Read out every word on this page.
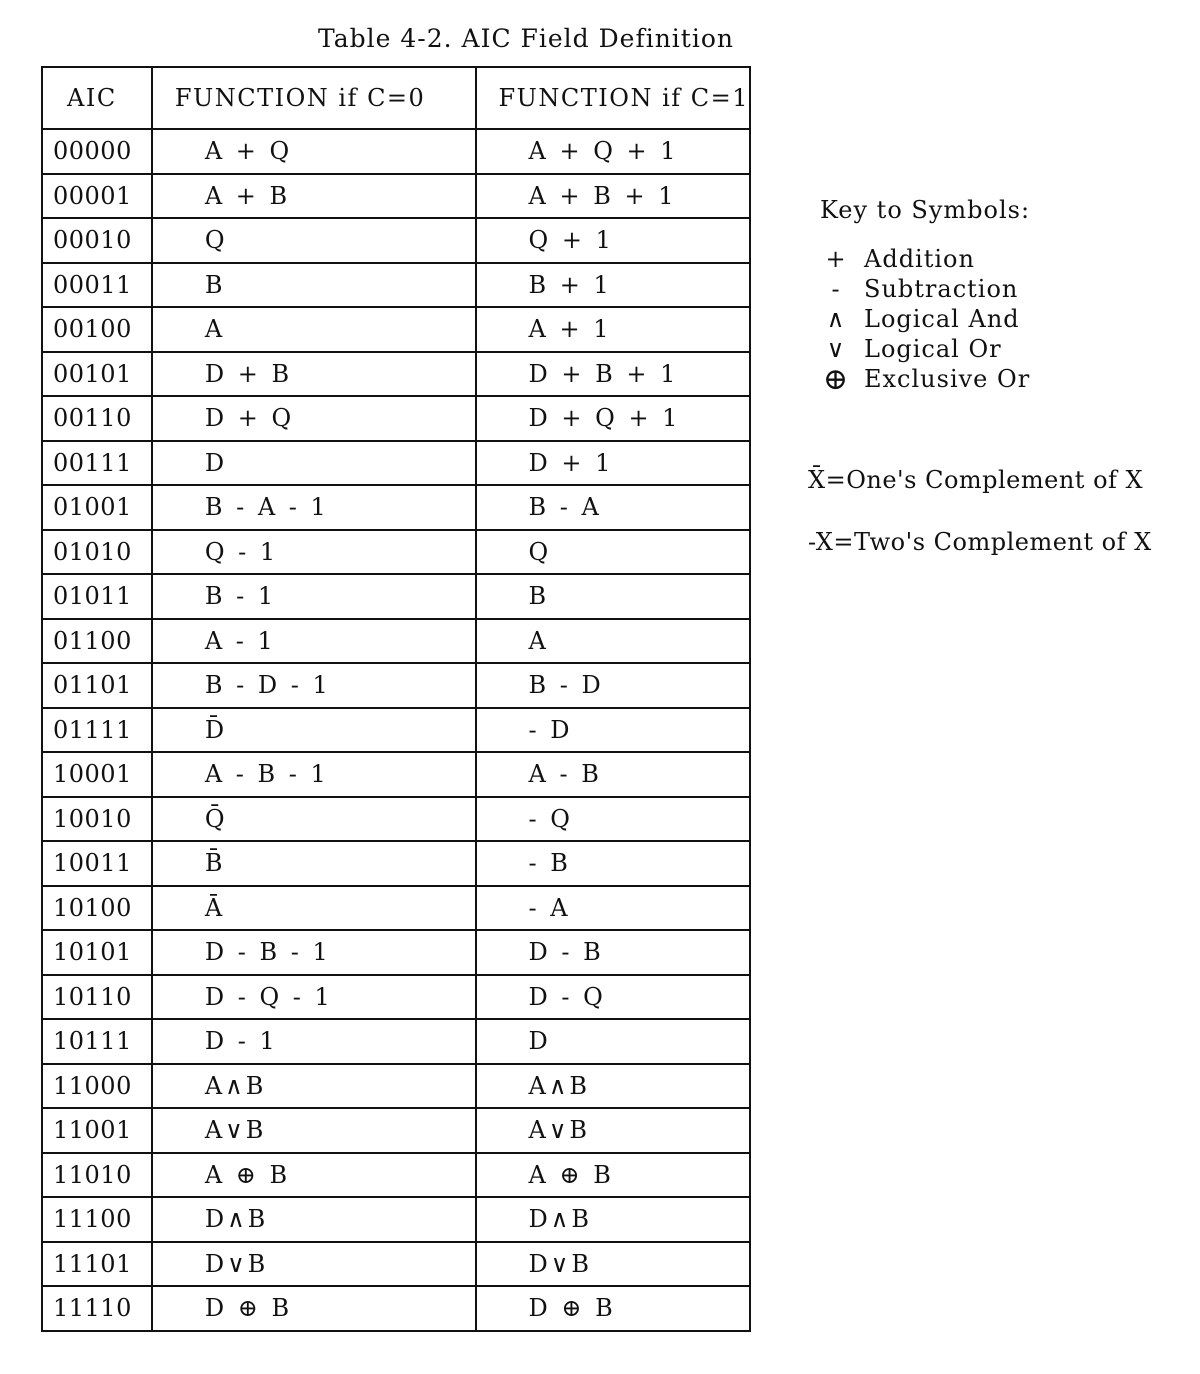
Table 4-2. AIC Field Definition
AIC	FUNCTION if C=0	FUNCTION if C=1
00000	A + Q	A + Q + 1
00001	A + B	A + B + 1
00010	Q	Q + 1
00011	B	B + 1
00100	A	A + 1
00101	D + B	D + B + 1
00110	D + Q	D + Q + 1
00111	D	D + 1
01001	B - A - 1	B - A
01010	Q - 1	Q
01011	B - 1	B
01100	A - 1	A
01101	B - D - 1	B - D
01111	D̄	- D
10001	A - B - 1	A - B
10010	Q̄	- Q
10011	B̄	- B
10100	Ā	- A
10101	D - B - 1	D - B
10110	D - Q - 1	D - Q
10111	D - 1	D
11000	A∧B	A∧B
11001	A∨B	A∨B
11010	A ⊕ B	A ⊕ B
11100	D∧B	D∧B
11101	D∨B	D∨B
11110	D ⊕ B	D ⊕ B
Key to Symbols:
+ Addition
- Subtraction
∧ Logical And
∨ Logical Or
⊕ Exclusive Or
X̄=One's Complement of X
-X=Two's Complement of X
